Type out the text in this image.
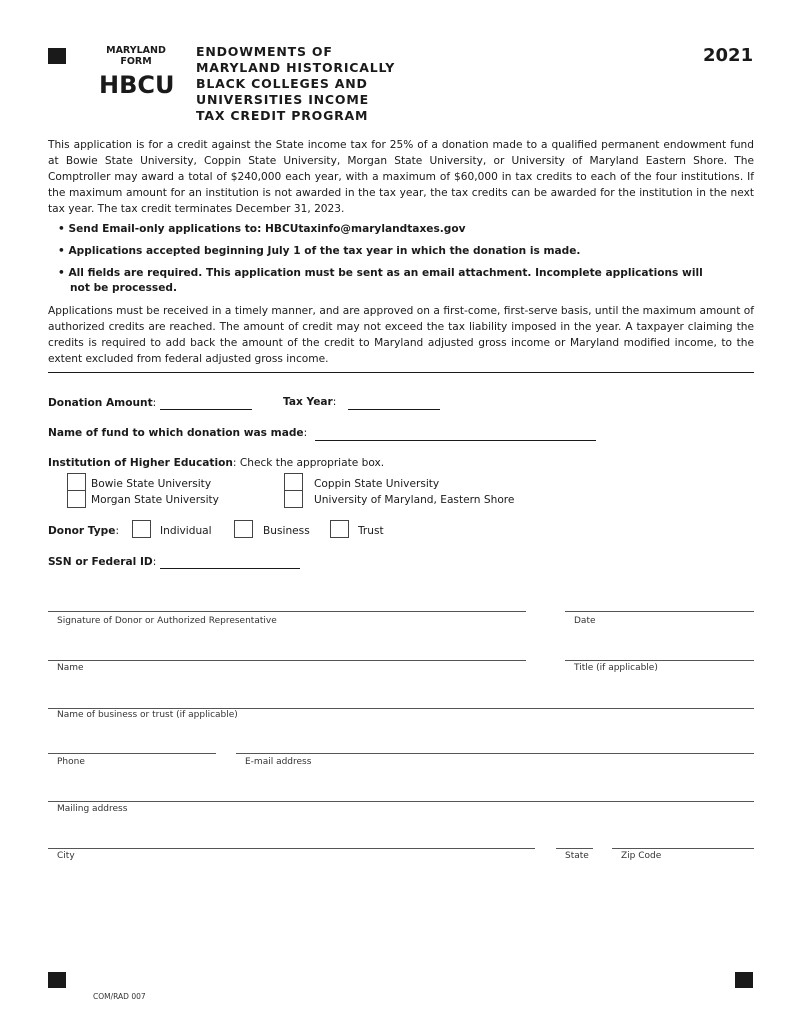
MARYLAND
FORM
HBCU
ENDOWMENTS OF
MARYLAND HISTORICALLY
BLACK COLLEGES AND
UNIVERSITIES INCOME
TAX CREDIT PROGRAM
2021
This application is for a credit against the State income tax for 25% of a donation made to a qualified permanent endowment fund at Bowie State University, Coppin State University, Morgan State University, or University of Maryland Eastern Shore. The Comptroller may award a total of $240,000 each year, with a maximum of $60,000 in tax credits to each of the four institutions. If the maximum amount for an institution is not awarded in the tax year, the tax credits can be awarded for the institution in the next tax year. The tax credit terminates December 31, 2023.
• Send Email-only applications to: HBCUtaxinfo@marylandtaxes.gov
• Applications accepted beginning July 1 of the tax year in which the donation is made.
• All fields are required. This application must be sent as an email attachment. Incomplete applications will
not be processed.
Applications must be received in a timely manner, and are approved on a first-come, first-serve basis, until the maximum amount of authorized credits are reached. The amount of credit may not exceed the tax liability imposed in the year. A taxpayer claiming the credits is required to add back the amount of the credit to Maryland adjusted gross income or Maryland modified income, to the extent excluded from federal adjusted gross income.
Donation Amount:	Tax Year:
Name of fund to which donation was made:
Institution of Higher Education: Check the appropriate box.
Bowie State University
Morgan State University
Coppin State University
University of Maryland, Eastern Shore
Donor Type:	Individual	Business	Trust
SSN or Federal ID:
Signature of Donor or Authorized Representative	Date
Name	Title (if applicable)
Name of business or trust (if applicable)
Phone	E-mail address
Mailing address
City	State	Zip Code
COM/RAD 007
